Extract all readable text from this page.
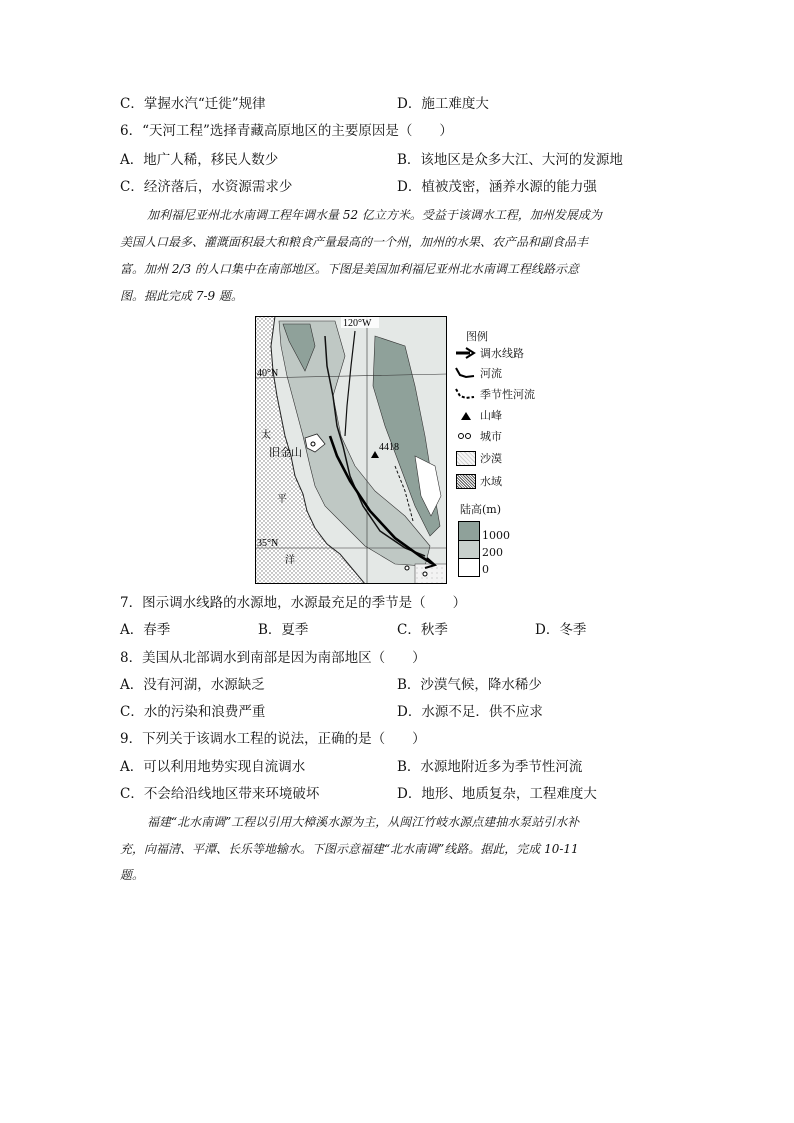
C．掌握水汽“迁徙”规律	D．施工难度大
6．“天河工程”选择青藏高原地区的主要原因是（　　）
A．地广人稀，移民人数少	B．该地区是众多大江、大河的发源地
C．经济落后，水资源需求少	D．植被茂密，涵养水源的能力强
加利福尼亚州北水南调工程年调水量 52 亿立方米。受益于该调水工程，加州发展成为
美国人口最多、灌溉面积最大和粮食产量最高的一个州，加州的水果、农产品和副食品丰
富。加州 2/3 的人口集中在南部地区。下图是美国加利福尼亚州北水南调工程线路示意
图。据此完成 7-9 题。
120°W
40°N
35°N
旧金山	4418
太
平
洋
图例
调水线路
河流
季节性河流
山峰
城市
沙漠
水域
陆高(m)
1000
200
0
7．图示调水线路的水源地，水源最充足的季节是（　　）
A．春季	B．夏季	C．秋季	D．冬季
8．美国从北部调水到南部是因为南部地区（　　）
A．没有河湖，水源缺乏	B．沙漠气候，降水稀少
C．水的污染和浪费严重	D．水源不足．供不应求
9．下列关于该调水工程的说法，正确的是（　　）
A．可以利用地势实现自流调水	B．水源地附近多为季节性河流
C．不会给沿线地区带来环境破坏	D．地形、地质复杂，工程难度大
福建“北水南调”工程以引用大樟溪水源为主，从闽江竹岐水源点建抽水泵站引水补
充，向福清、平潭、长乐等地输水。下图示意福建“北水南调”线路。据此，完成 10-11
题。
